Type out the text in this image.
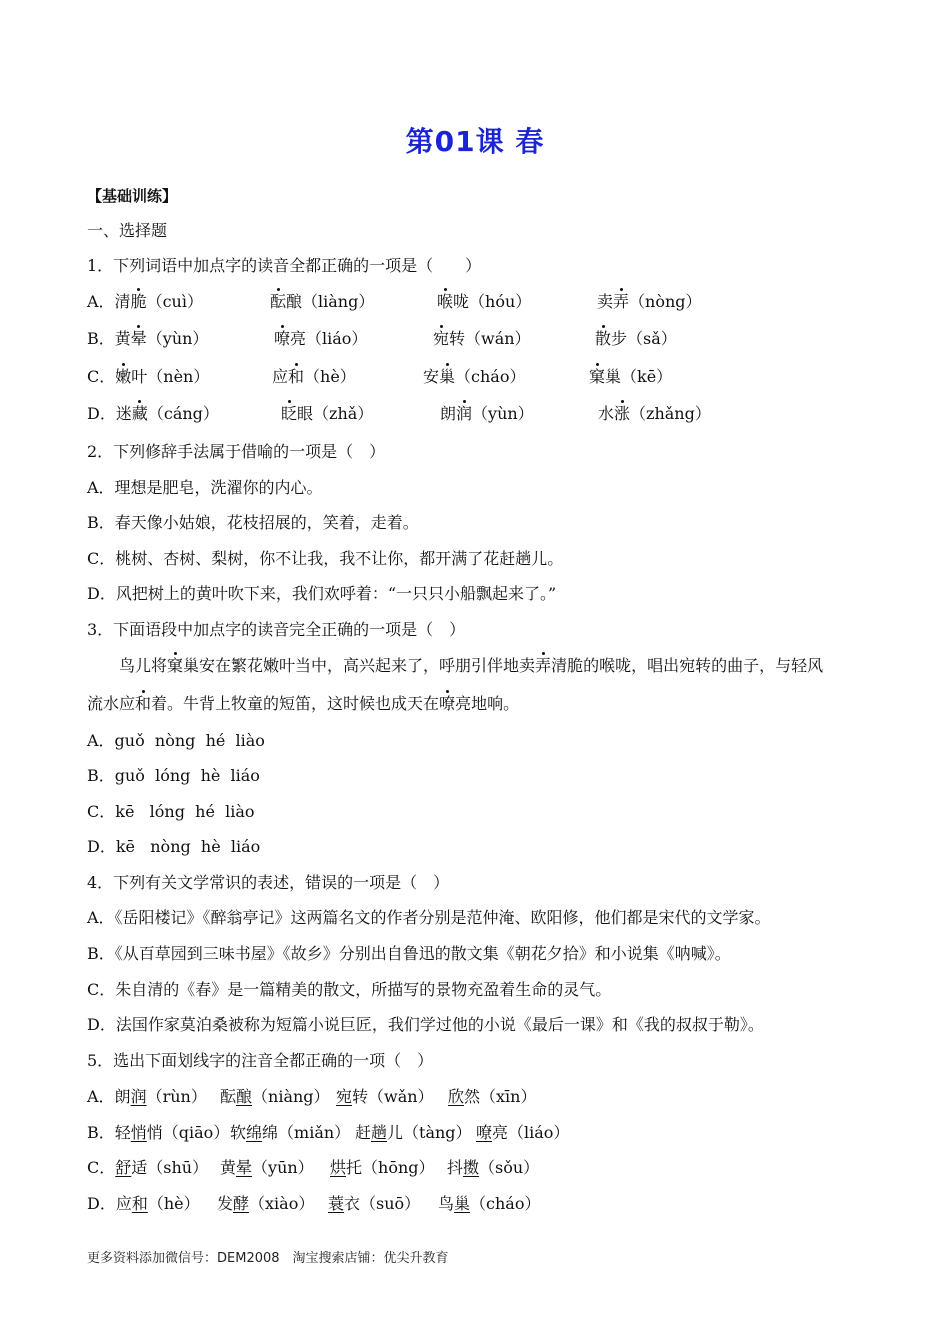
第01课 春
【基础训练】
一、选择题
1．下列词语中加点字的读音全都正确的一项是（　　）
A．清脆（cuì）	酝酿（liàng）	喉咙（hóu）	卖弄（nòng）
B．黄晕（yùn）	嘹亮（liáo）	宛转（wán）	散步（sǎ）
C．嫩叶（nèn）	应和（hè）	安巢（cháo）	窠巢（kē）
D．迷藏（cáng）	眨眼（zhǎ）	朗润（yùn）	水涨（zhǎng）
2．下列修辞手法属于借喻的一项是（　）
A．理想是肥皂，洗濯你的内心。
B．春天像小姑娘，花枝招展的，笑着，走着。
C．桃树、杏树、梨树，你不让我，我不让你，都开满了花赶趟儿。
D．风把树上的黄叶吹下来，我们欢呼着：“一只只小船飘起来了。”
3．下面语段中加点字的读音完全正确的一项是（　）
　　鸟儿将窠巢安在繁花嫩叶当中，高兴起来了，呼朋引伴地卖弄清脆的喉咙，唱出宛转的曲子，与轻风
流水应和着。牛背上牧童的短笛，这时候也成天在嘹亮地响。
A．guǒ  nòng  hé  liào
B．guǒ  lóng  hè  liáo
C．kē   lóng  hé  liào
D．kē   nòng  hè  liáo
4．下列有关文学常识的表述，错误的一项是（　）
A．《岳阳楼记》《醉翁亭记》这两篇名文的作者分别是范仲淹、欧阳修，他们都是宋代的文学家。
B．《从百草园到三味书屋》《故乡》分别出自鲁迅的散文集《朝花夕拾》和小说集《呐喊》。
C．朱自清的《春》是一篇精美的散文，所描写的景物充盈着生命的灵气。
D．法国作家莫泊桑被称为短篇小说巨匠，我们学过他的小说《最后一课》和《我的叔叔于勒》。
5．选出下面划线字的注音全都正确的一项（　）
A．朗润（rùn） 酝酿（niàng） 宛转（wǎn） 欣然（xīn）
B．轻悄悄（qiāo） 软绵绵（miǎn） 赶趟儿（tàng） 嘹亮（liáo）
C．舒适（shū） 黄晕（yūn） 烘托（hōng） 抖擞（sǒu）
D．应和（hè） 发酵（xiào） 蓑衣（suō） 鸟巢（cháo）
更多资料添加微信号：DEM2008　淘宝搜索店铺：优尖升教育
